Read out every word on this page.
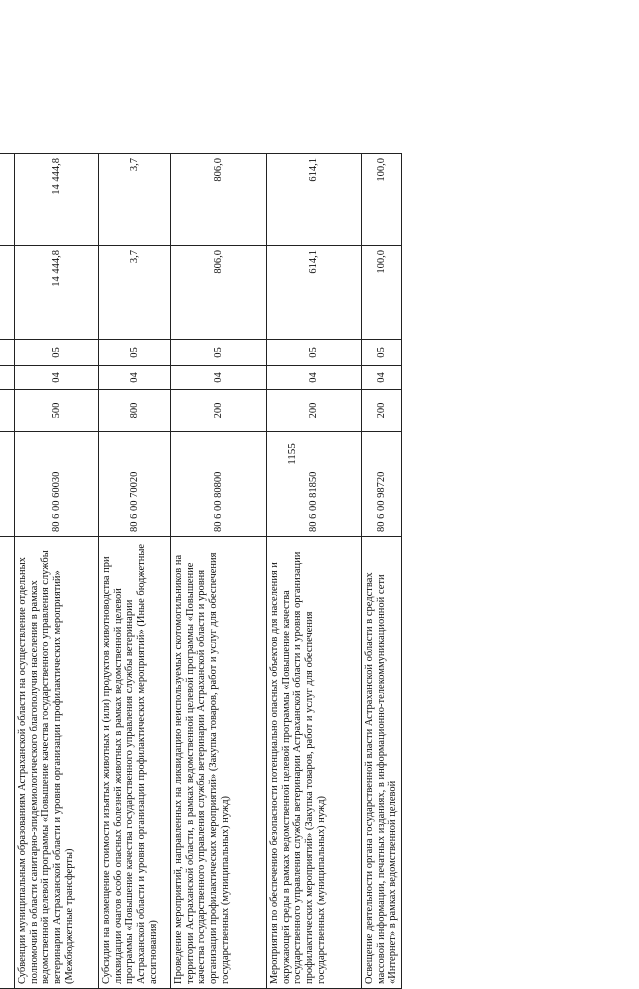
1155

Субвенции муниципальным образованиям Астраханской области на осуществление отдельных полномочий в области санитарно-эпидемиологического благополучия населения в рамках ведомственной целевой программы «Повышение качества государственного управления службы ветеринарии Астраханской области и уровня организации профилактических мероприятий» (Межбюджетные трансферты)	80 6 00 60030	500	04	05	14 444,8	14 444,8
Субсидии на возмещение стоимости изъятых животных и (или) продуктов животноводства при ликвидации очагов особо опасных болезней животных в рамках ведомственной целевой программы «Повышение качества государственного управления службы ветеринарии Астраханской области и уровня организации профилактических мероприятий» (Иные бюджетные ассигнования)	80 6 00 70020	800	04	05	3,7	3,7
Проведение мероприятий, направленных на ликвидацию неиспользуемых скотомогильников на территории Астраханской области, в рамках ведомственной целевой программы «Повышение качества государственного управления службы ветеринарии Астраханской области и уровня организации профилактических мероприятий» (Закупка товаров, работ и услуг для обеспечения государственных (муниципальных) нужд)	80 6 00 80800	200	04	05	806,0	806,0
Мероприятия по обеспечению безопасности потенциально опасных объектов для населения и окружающей среды в рамках ведомственной целевой программы «Повышение качества государственного управления службы ветеринарии Астраханской области и уровня организации профилактических мероприятий» (Закупка товаров, работ и услуг для обеспечения государственных (муниципальных) нужд)	80 6 00 81850	200	04	05	614,1	614,1
Освещение деятельности органа государственной власти Астраханской области в средствах массовой информации, печатных изданиях, в информационно-телекоммуникационной сети «Интернет» в рамках ведомственной целевой	80 6 00 98720	200	04	05	100,0	100,0
